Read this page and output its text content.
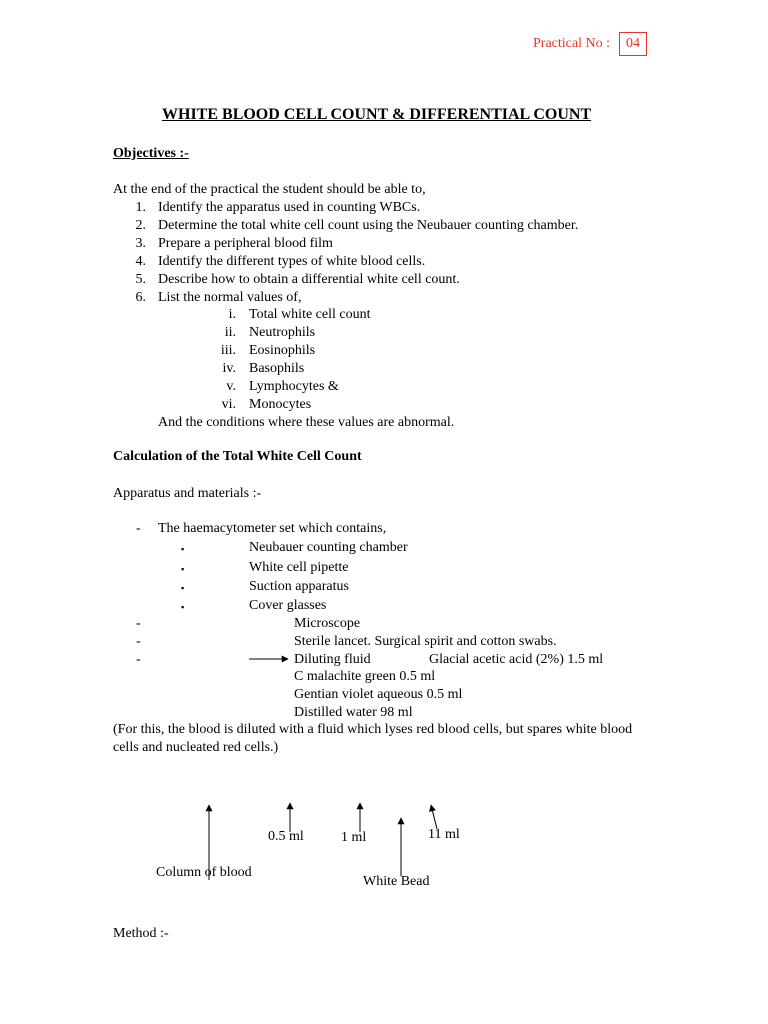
Practical No :	04
WHITE BLOOD CELL COUNT & DIFFERENTIAL COUNT
Objectives :-
At the end of the practical the student should be able to,
1. Identify the apparatus used in counting WBCs.
2. Determine the total white cell count using the Neubauer counting chamber.
3. Prepare a peripheral blood film
4. Identify the different types of white blood cells.
5. Describe how to obtain a differential white cell count.
6. List the normal values of,
i. Total white cell count
ii. Neutrophils
iii. Eosinophils
iv. Basophils
v. Lymphocytes &
vi. Monocytes
And the conditions where these values are abnormal.
Calculation of the Total White Cell Count
Apparatus and materials :-
- The haemacytometer set which contains,
▪	Neubauer counting chamber
▪	White cell pipette
▪	Suction apparatus
▪	Cover glasses
-	Microscope
-	Sterile lancet. Surgical spirit and cotton swabs.
-	Diluting fluid	Glacial acetic acid (2%) 1.5 ml
C malachite green 0.5 ml
Gentian violet aqueous 0.5 ml
Distilled water 98 ml
(For this, the blood is diluted with a fluid which lyses red blood cells, but spares white blood
cells and nucleated red cells.)
0.5 ml	1 ml	11 ml
Column of blood
White Bead
Method :-
